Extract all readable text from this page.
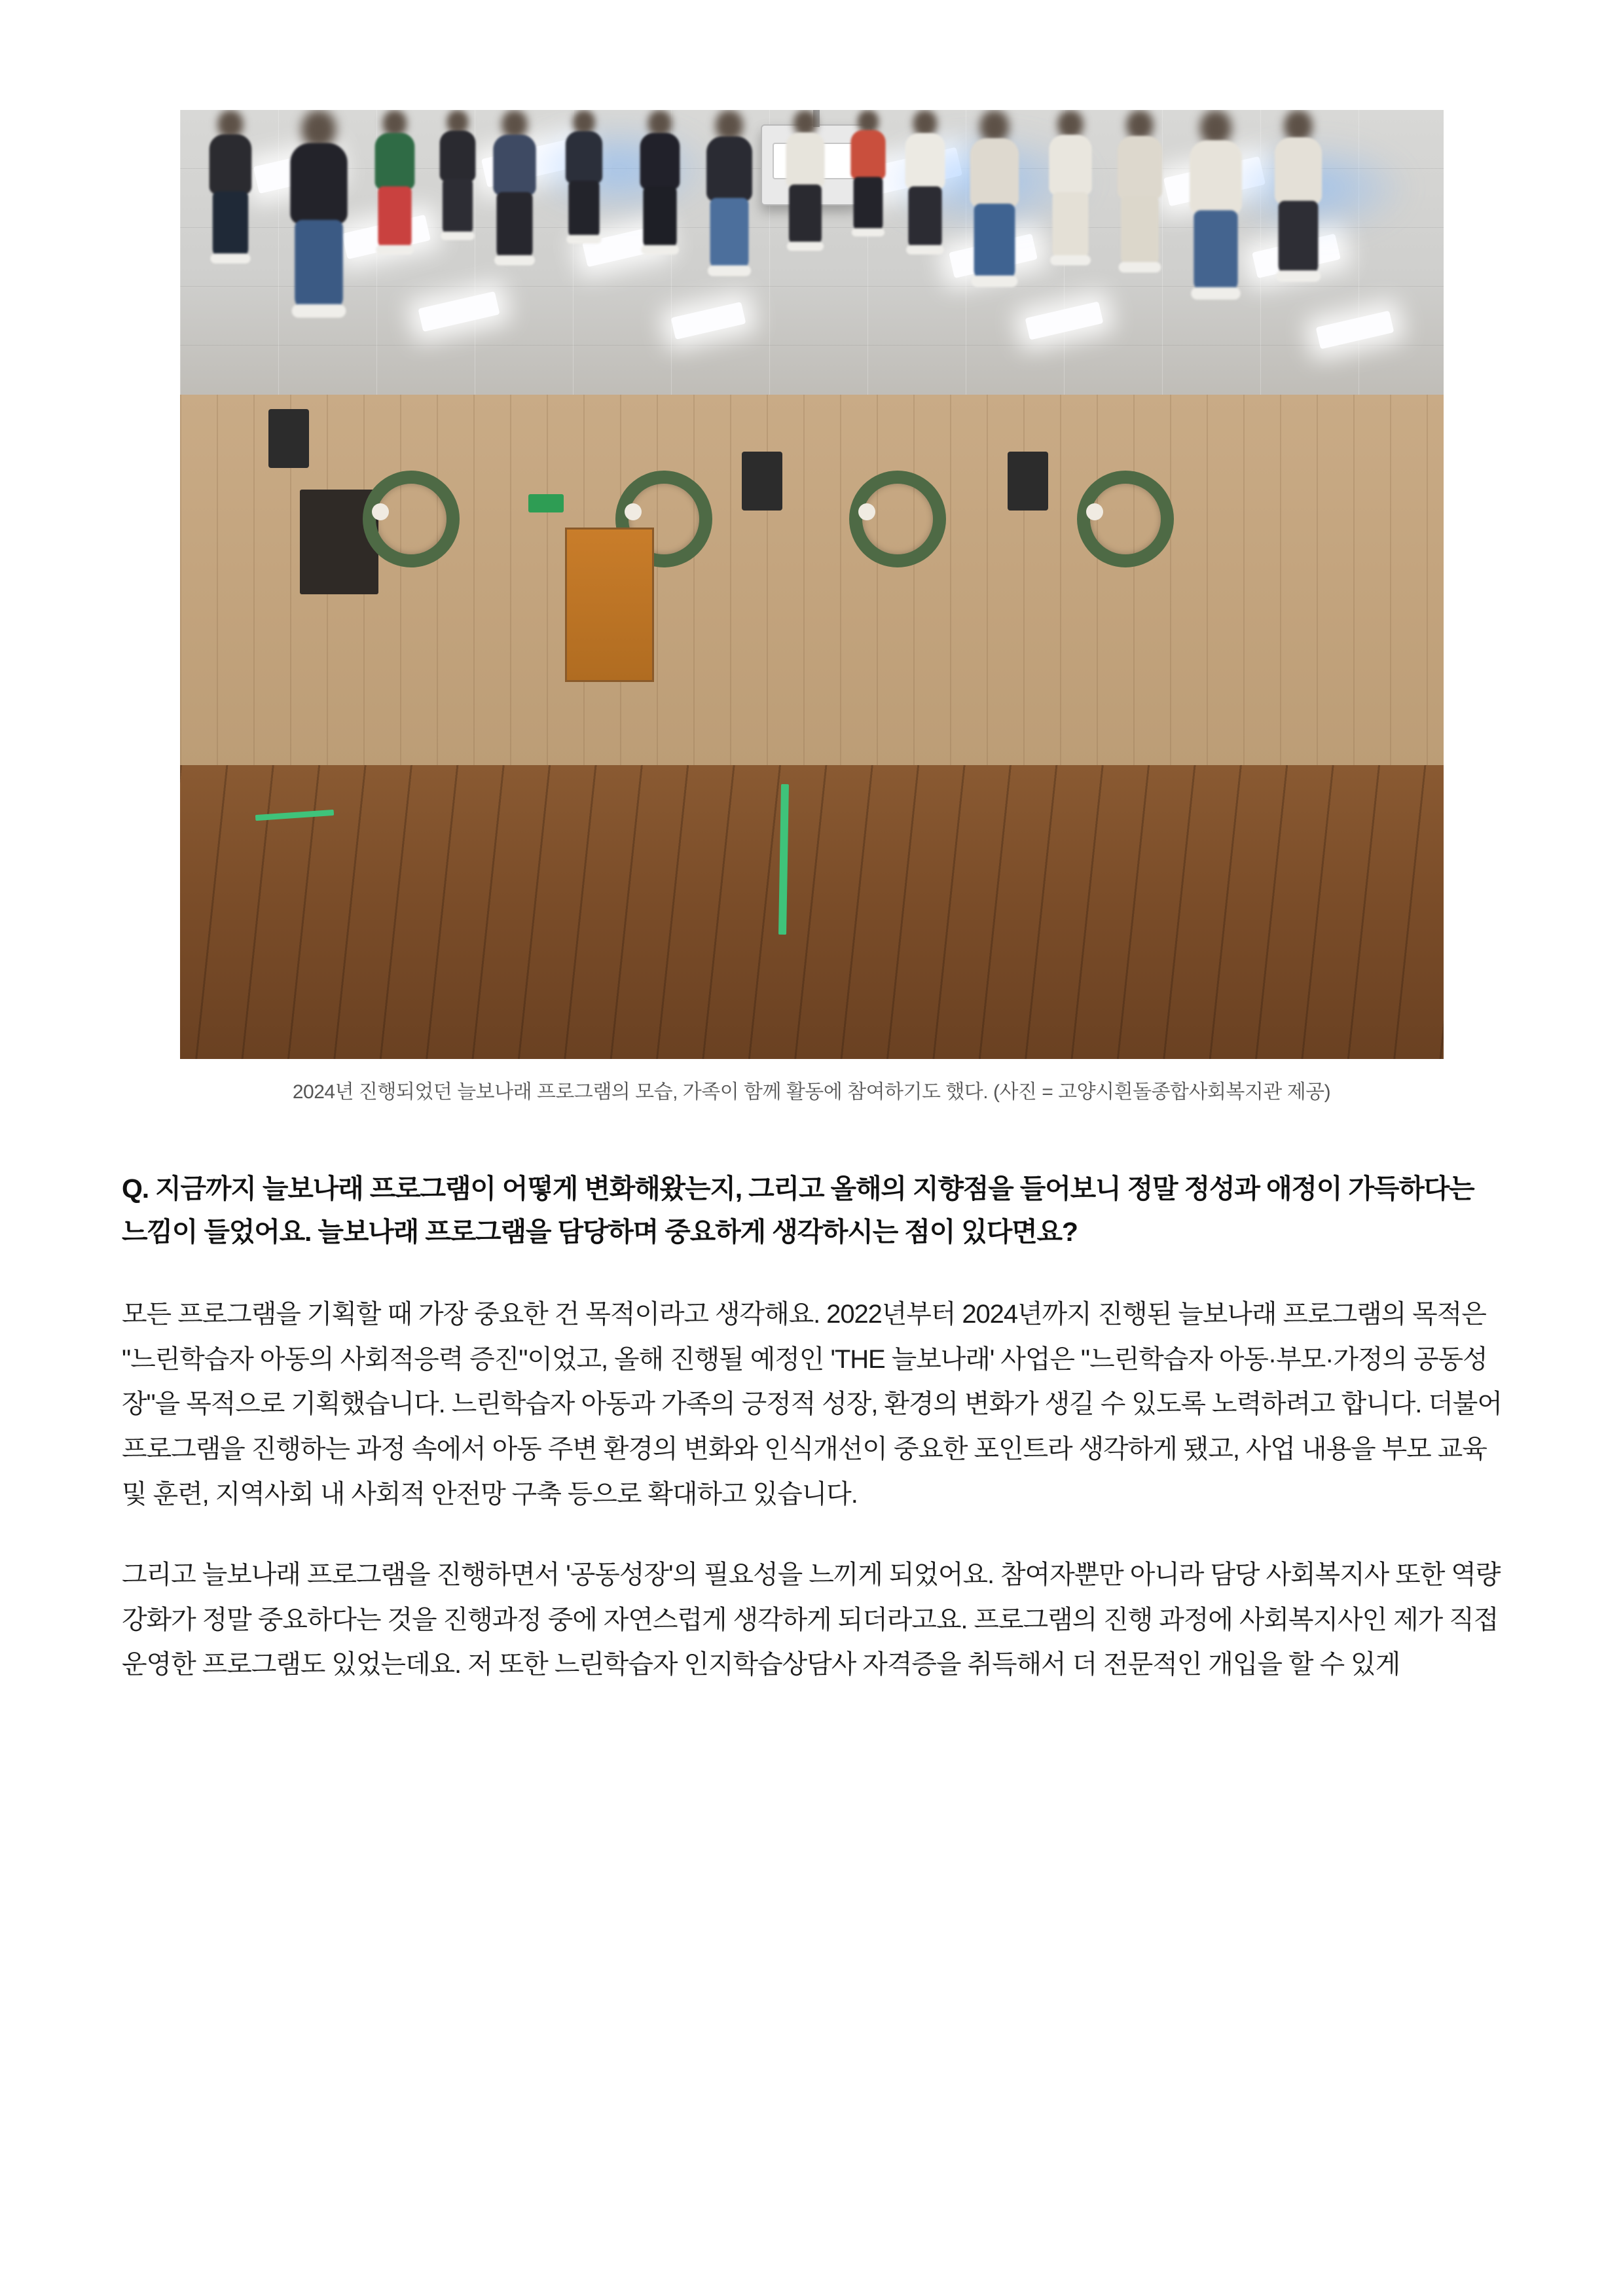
2024년 진행되었던 늘보나래 프로그램의 모습, 가족이 함께 활동에 참여하기도 했다. (사진 = 고양시흰돌종합사회복지관 제공)
Q. 지금까지 늘보나래 프로그램이 어떻게 변화해왔는지, 그리고 올해의 지향점을 들어보니 정말 정성과 애정이 가득하다는 느낌이 들었어요. 늘보나래 프로그램을 담당하며 중요하게 생각하시는 점이 있다면요?

모든 프로그램을 기획할 때 가장 중요한 건 목적이라고 생각해요. 2022년부터 2024년까지 진행된 늘보나래 프로그램의 목적은 "느린학습자 아동의 사회적응력 증진"이었고, 올해 진행될 예정인 'THE 늘보나래' 사업은 "느린학습자 아동·부모·가정의 공동성장"을 목적으로 기획했습니다. 느린학습자 아동과 가족의 긍정적 성장, 환경의 변화가 생길 수 있도록 노력하려고 합니다. 더불어 프로그램을 진행하는 과정 속에서 아동 주변 환경의 변화와 인식개선이 중요한 포인트라 생각하게 됐고, 사업 내용을 부모 교육 및 훈련, 지역사회 내 사회적 안전망 구축 등으로 확대하고 있습니다.

그리고 늘보나래 프로그램을 진행하면서 '공동성장'의 필요성을 느끼게 되었어요. 참여자뿐만 아니라 담당 사회복지사 또한 역량 강화가 정말 중요하다는 것을 진행과정 중에 자연스럽게 생각하게 되더라고요. 프로그램의 진행 과정에 사회복지사인 제가 직접 운영한 프로그램도 있었는데요. 저 또한 느린학습자 인지학습상담사 자격증을 취득해서 더 전문적인 개입을 할 수 있게
